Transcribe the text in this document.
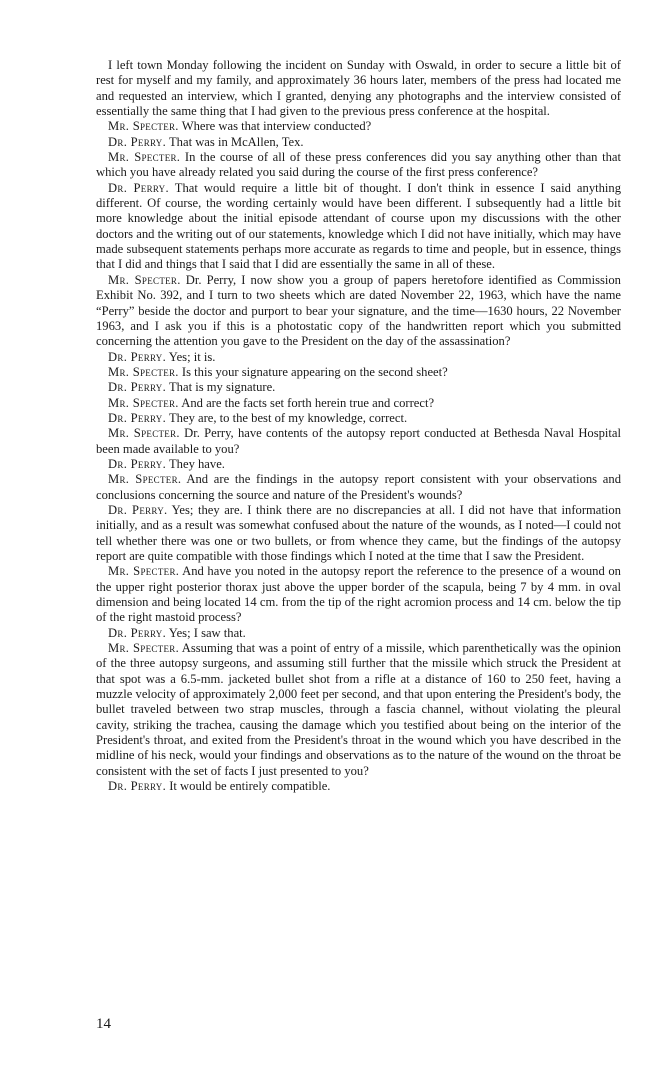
I left town Monday following the incident on Sunday with Oswald, in order to secure a little bit of rest for myself and my family, and approximately 36 hours later, members of the press had located me and requested an interview, which I granted, denying any photographs and the interview consisted of essentially the same thing that I had given to the previous press conference at the hospital.

Mr. Specter. Where was that interview conducted?

Dr. Perry. That was in McAllen, Tex.

Mr. Specter. In the course of all of these press conferences did you say anything other than that which you have already related you said during the course of the first press conference?

Dr. Perry. That would require a little bit of thought. I don't think in essence I said anything different. Of course, the wording certainly would have been different. I subsequently had a little bit more knowledge about the initial episode attendant of course upon my discussions with the other doctors and the writing out of our statements, knowledge which I did not have initially, which may have made subsequent statements perhaps more accurate as regards to time and people, but in essence, things that I did and things that I said that I did are essentially the same in all of these.

Mr. Specter. Dr. Perry, I now show you a group of papers heretofore identified as Commission Exhibit No. 392, and I turn to two sheets which are dated November 22, 1963, which have the name “Perry” beside the doctor and purport to bear your signature, and the time—1630 hours, 22 November 1963, and I ask you if this is a photostatic copy of the handwritten report which you submitted concerning the attention you gave to the President on the day of the assassination?

Dr. Perry. Yes; it is.

Mr. Specter. Is this your signature appearing on the second sheet?

Dr. Perry. That is my signature.

Mr. Specter. And are the facts set forth herein true and correct?

Dr. Perry. They are, to the best of my knowledge, correct.

Mr. Specter. Dr. Perry, have contents of the autopsy report conducted at Bethesda Naval Hospital been made available to you?

Dr. Perry. They have.

Mr. Specter. And are the findings in the autopsy report consistent with your observations and conclusions concerning the source and nature of the President's wounds?

Dr. Perry. Yes; they are. I think there are no discrepancies at all. I did not have that information initially, and as a result was somewhat confused about the nature of the wounds, as I noted—I could not tell whether there was one or two bullets, or from whence they came, but the findings of the autopsy report are quite compatible with those findings which I noted at the time that I saw the President.

Mr. Specter. And have you noted in the autopsy report the reference to the presence of a wound on the upper right posterior thorax just above the upper border of the scapula, being 7 by 4 mm. in oval dimension and being located 14 cm. from the tip of the right acromion process and 14 cm. below the tip of the right mastoid process?

Dr. Perry. Yes; I saw that.

Mr. Specter. Assuming that was a point of entry of a missile, which parenthetically was the opinion of the three autopsy surgeons, and assuming still further that the missile which struck the President at that spot was a 6.5-mm. jacketed bullet shot from a rifle at a distance of 160 to 250 feet, having a muzzle velocity of approximately 2,000 feet per second, and that upon entering the President's body, the bullet traveled between two strap muscles, through a fascia channel, without violating the pleural cavity, striking the trachea, causing the damage which you testified about being on the interior of the President's throat, and exited from the President's throat in the wound which you have described in the midline of his neck, would your findings and observations as to the nature of the wound on the throat be consistent with the set of facts I just presented to you?

Dr. Perry. It would be entirely compatible.

14
